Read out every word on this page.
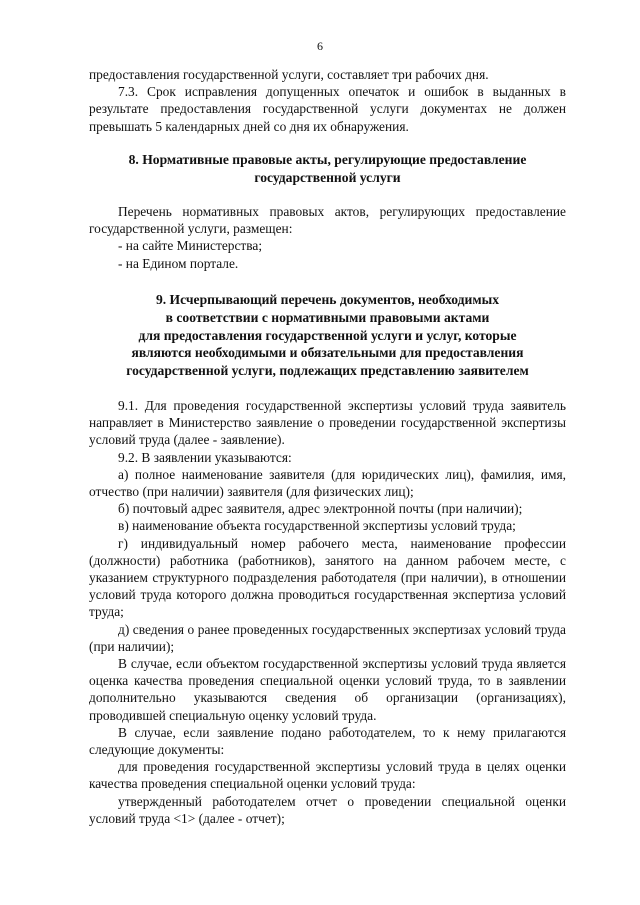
6

предоставления государственной услуги, составляет три рабочих дня.

7.3. Срок исправления допущенных опечаток и ошибок в выданных в результате предоставления государственной услуги документах не должен превышать 5 календарных дней со дня их обнаружения.

8. Нормативные правовые акты, регулирующие предоставление
государственной услуги

Перечень нормативных правовых актов, регулирующих предоставление государственной услуги, размещен:

- на сайте Министерства;

- на Едином портале.

9. Исчерпывающий перечень документов, необходимых
в соответствии с нормативными правовыми актами
для предоставления государственной услуги и услуг, которые
являются необходимыми и обязательными для предоставления
государственной услуги, подлежащих представлению заявителем

9.1. Для проведения государственной экспертизы условий труда заявитель направляет в Министерство заявление о проведении государственной экспертизы условий труда (далее - заявление).

9.2. В заявлении указываются:

а) полное наименование заявителя (для юридических лиц), фамилия, имя, отчество (при наличии) заявителя (для физических лиц);

б) почтовый адрес заявителя, адрес электронной почты (при наличии);

в) наименование объекта государственной экспертизы условий труда;

г) индивидуальный номер рабочего места, наименование профессии (должности) работника (работников), занятого на данном рабочем месте, с указанием структурного подразделения работодателя (при наличии), в отношении условий труда которого должна проводиться государственная экспертиза условий труда;

д) сведения о ранее проведенных государственных экспертизах условий труда (при наличии);

В случае, если объектом государственной экспертизы условий труда является оценка качества проведения специальной оценки условий труда, то в заявлении дополнительно указываются сведения об организации (организациях), проводившей специальную оценку условий труда.

В случае, если заявление подано работодателем, то к нему прилагаются следующие документы:

для проведения государственной экспертизы условий труда в целях оценки качества проведения специальной оценки условий труда:

утвержденный работодателем отчет о проведении специальной оценки условий труда <1> (далее - отчет);
